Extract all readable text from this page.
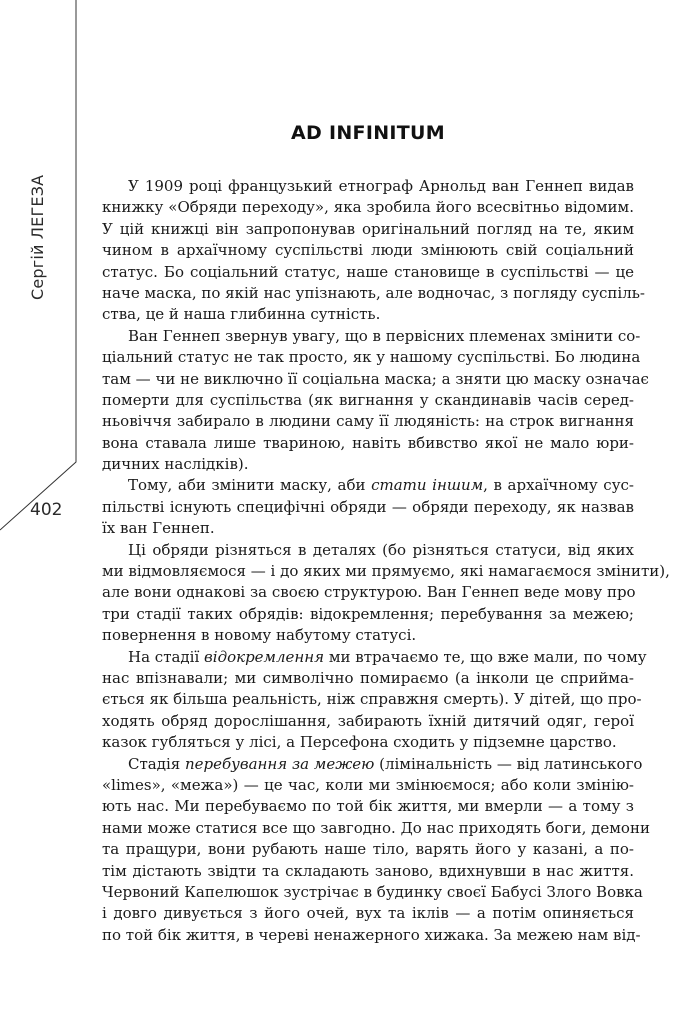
Сергій ЛЕГЕЗА
402
AD INFINITUM
У 1909 році французький етнограф Арнольд ван Геннеп видав
книжку «Обряди переходу», яка зробила його всесвітньо відомим.
У цій книжці він запропонував оригінальний погляд на те, яким
чином в архаїчному суспільстві люди змінюють свій соціальний
статус. Бо соціальний статус, наше становище в суспільстві — це
наче маска, по якій нас упізнають, але водночас, з погляду суспіль-
ства, це й наша глибинна сутність.
Ван Геннеп звернув увагу, що в первісних племенах змінити со-
ціальний статус не так просто, як у нашому суспільстві. Бо людина
там — чи не виключно її соціальна маска; а зняти цю маску означає
померти для суспільства (як вигнання у скандинавів часів серед-
ньовіччя забирало в людини саму її людяність: на строк вигнання
вона ставала лише твариною, навіть вбивство якої не мало юри-
дичних наслідків).
Тому, аби змінити маску, аби стати іншим, в архаїчному сус-
пільстві існують специфічні обряди — обряди переходу, як назвав
їх ван Геннеп.
Ці обряди різняться в деталях (бо різняться статуси, від яких
ми відмовляємося — і до яких ми прямуємо, які намагаємося змінити),
але вони однакові за своєю структурою. Ван Геннеп веде мову про
три стадії таких обрядів: відокремлення; перебування за межею;
повернення в новому набутому статусі.
На стадії відокремлення ми втрачаємо те, що вже мали, по чому
нас впізнавали; ми символічно помираємо (а інколи це сприйма-
ється як більша реальність, ніж справжня смерть). У дітей, що про-
ходять обряд дорослішання, забирають їхній дитячий одяг, герої
казок губляться у лісі, а Персефона сходить у підземне царство.
Стадія перебування за межею (лімінальність — від латинського
«limes», «межа») — це час, коли ми змінюємося; або коли змінію-
ють нас. Ми перебуваємо по той бік життя, ми вмерли — а тому з
нами може статися все що завгодно. До нас приходять боги, демони
та пращури, вони рубають наше тіло, варять його у казані, а по-
тім дістають звідти та складають заново, вдихнувши в нас життя.
Червоний Капелюшок зустрічає в будинку своєї Бабусі Злого Вовка
і довго дивується з його очей, вух та іклів — а потім опиняється
по той бік життя, в череві ненажерного хижака. За межею нам від-
